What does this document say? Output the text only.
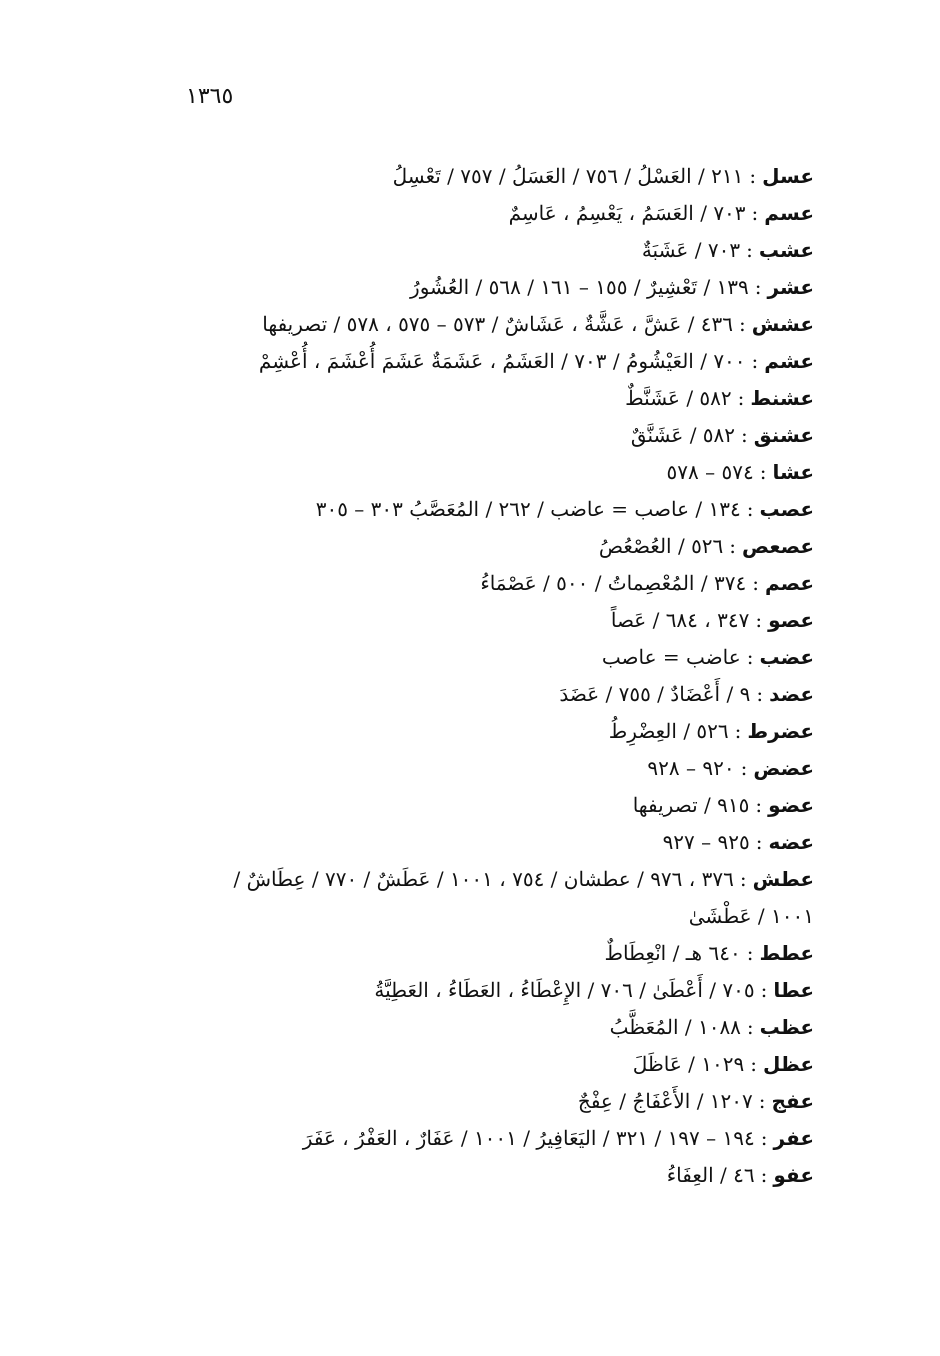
١٣٦٥
عسل:٢١١ / العَسْلُ / ٧٥٦ / العَسَلُ / ٧٥٧ / تَعْسِلُ
عسم:٧٠٣ / العَسَمُ ، يَعْسِمُ ، عَاسِمٌ
عشب:٧٠٣ / عَشَبَةٌ
عشر:١٣٩ / تَعْشِيرٌ / ١٥٥ – ١٦١ / ٥٦٨ / العُشُورُ
عشش:٤٣٦ / عَشَّ ، عَشَّةٌ ، عَشَاشٌ / ٥٧٣ – ٥٧٥ ، ٥٧٨ / تصريفها
عشم:٧٠٠ / العَيْشُومُ / ٧٠٣ / العَشَمُ ، عَشَمَةٌ عَشَمَ أُعْشَمَ ، أُعْشِمْ
عشنط:٥٨٢ / عَشَنَّطٌ
عشنق:٥٨٢ / عَشَنَّقٌ
عشا:٥٧٤ – ٥٧٨
عصب:١٣٤ / عاصب = عاضب / ٢٦٢ / المُعَصَّبُ ٣٠٣ – ٣٠٥
عصعص:٥٢٦ / العُصْعُصُ
عصم:٣٧٤ / المُعْصِماتُ / ٥٠٠ / عَصْمَاءُ
عصو:٣٤٧ ، ٦٨٤ / عَصاً
عضب:عاضب = عاصب
عضد:٩ / أَعْضَادٌ / ٧٥٥ / عَضَدَ
عضرط:٥٢٦ / العِضْرِطُ
عضض:٩٢٠ – ٩٢٨
عضو:٩١٥ / تصريفها
عضه:٩٢٥ – ٩٢٧
عطش:٣٧٦ ، ٩٧٦ / عطشان / ٧٥٤ ، ١٠٠١ / عَطَشٌ / ٧٧٠ / عِطَاشٌ /
١٠٠١ / عَطْشَىٰ
عطط:٦٤٠ هـ / انْعِطَاطٌ
عطا:٧٠٥ / أَعْطَىٰ / ٧٠٦ / الإِعْطَاءُ ، العَطَاءُ ، العَطِيَّةُ
عظب:١٠٨٨ / المُعَظَّبُ
عظل:١٠٢٩ / عَاظَلَ
عفج:١٢٠٧ / الأَعْفَاجُ / عِفْجٌ
عفر:١٩٤ – ١٩٧ / ٣٢١ / اليَعَافِيرُ / ١٠٠١ / عَفَارٌ ، العَفْرُ ، عَفَرَ
عفو:٤٦ / العِفَاءُ
